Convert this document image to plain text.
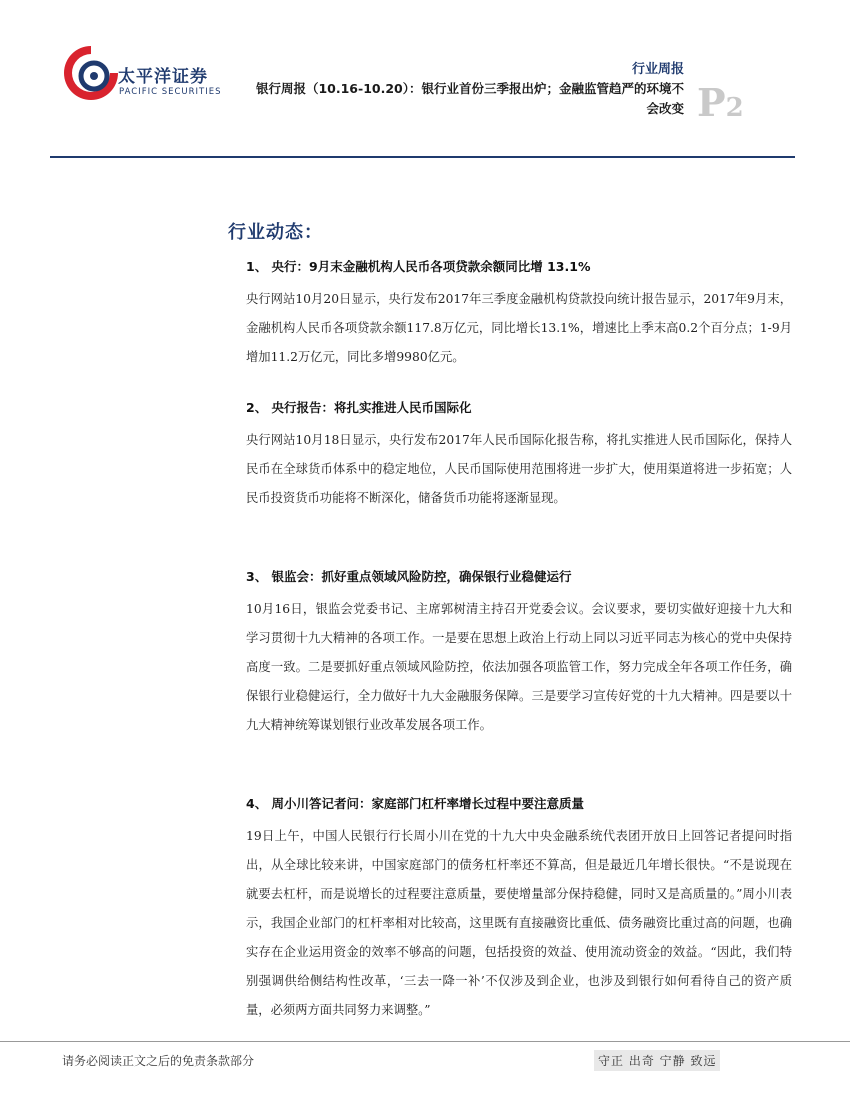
太平洋证券
PACIFIC SECURITIES
行业周报
银行周报（10.16-10.20）：银行业首份三季报出炉；金融监管趋严的环境不会改变 P2
行业动态：
1、 央行：9月末金融机构人民币各项贷款余额同比增 13.1%
央行网站10月20日显示，央行发布2017年三季度金融机构贷款投向统计报告显示，2017年9月末，金融机构人民币各项贷款余额117.8万亿元，同比增长13.1%，增速比上季末高0.2个百分点；1-9月增加11.2万亿元，同比多增9980亿元。
2、 央行报告：将扎实推进人民币国际化
央行网站10月18日显示，央行发布2017年人民币国际化报告称，将扎实推进人民币国际化，保持人民币在全球货币体系中的稳定地位，人民币国际使用范围将进一步扩大，使用渠道将进一步拓宽；人民币投资货币功能将不断深化，储备货币功能将逐渐显现。
3、 银监会：抓好重点领域风险防控，确保银行业稳健运行
10月16日，银监会党委书记、主席郭树清主持召开党委会议。会议要求，要切实做好迎接十九大和学习贯彻十九大精神的各项工作。一是要在思想上政治上行动上同以习近平同志为核心的党中央保持高度一致。二是要抓好重点领域风险防控，依法加强各项监管工作，努力完成全年各项工作任务，确保银行业稳健运行，全力做好十九大金融服务保障。三是要学习宣传好党的十九大精神。四是要以十九大精神统筹谋划银行业改革发展各项工作。
4、 周小川答记者问：家庭部门杠杆率增长过程中要注意质量
19日上午，中国人民银行行长周小川在党的十九大中央金融系统代表团开放日上回答记者提问时指出，从全球比较来讲，中国家庭部门的债务杠杆率还不算高，但是最近几年增长很快。“不是说现在就要去杠杆，而是说增长的过程要注意质量，要使增量部分保持稳健，同时又是高质量的。”周小川表示，我国企业部门的杠杆率相对比较高，这里既有直接融资比重低、债务融资比重过高的问题，也确实存在企业运用资金的效率不够高的问题，包括投资的效益、使用流动资金的效益。“因此，我们特别强调供给侧结构性改革，‘三去一降一补’不仅涉及到企业，也涉及到银行如何看待自己的资产质量，必须两方面共同努力来调整。”
请务必阅读正文之后的免责条款部分	守正 出奇 宁静 致远
